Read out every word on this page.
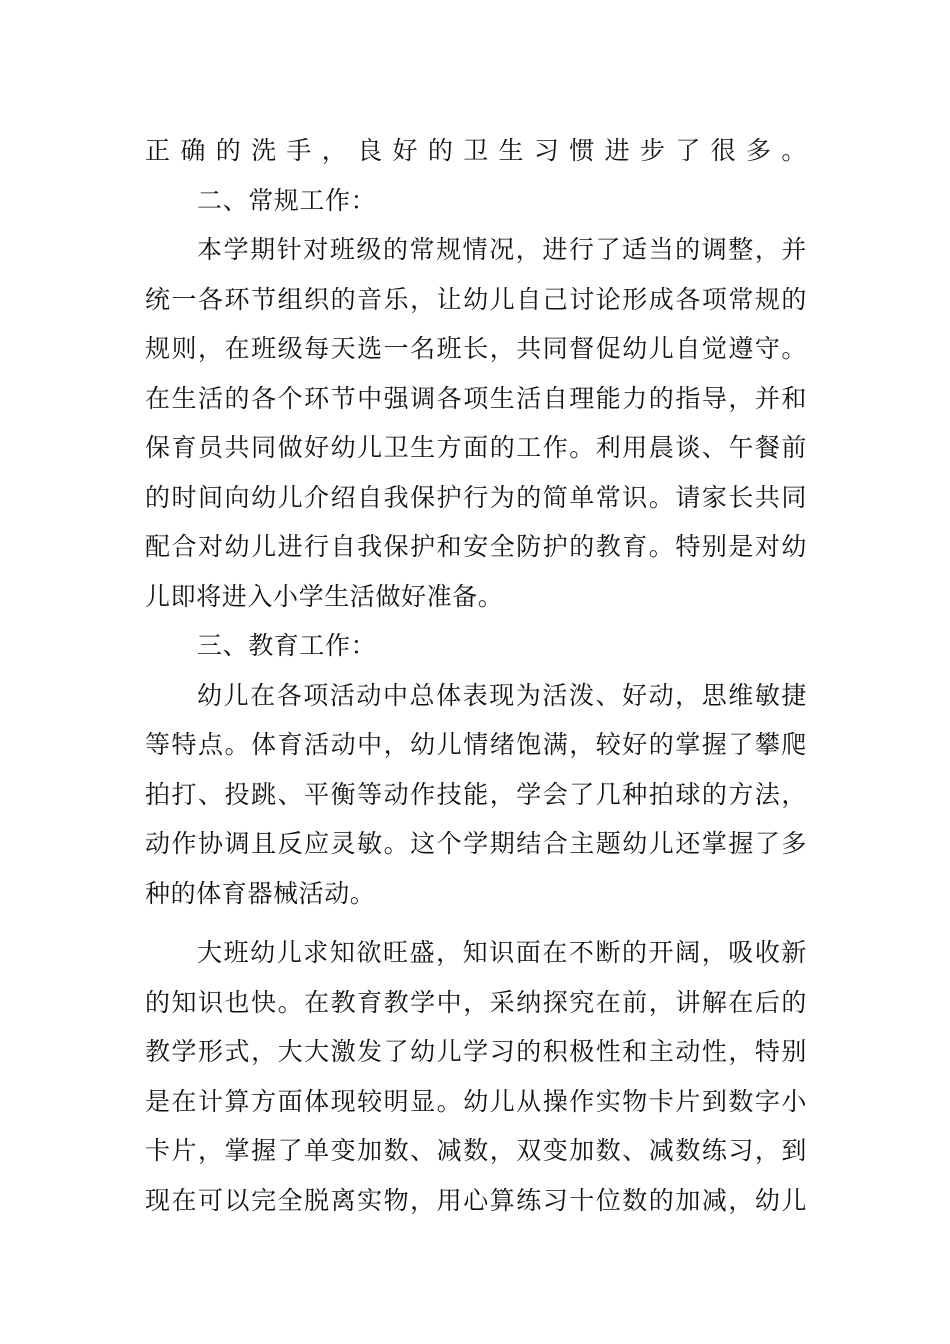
正确的洗手，良好的卫生习惯进步了很多。
二、常规工作：
本学期针对班级的常规情况，进行了适当的调整，并
统一各环节组织的音乐，让幼儿自己讨论形成各项常规的
规则，在班级每天选一名班长，共同督促幼儿自觉遵守。
在生活的各个环节中强调各项生活自理能力的指导，并和
保育员共同做好幼儿卫生方面的工作。利用晨谈、午餐前
的时间向幼儿介绍自我保护行为的简单常识。请家长共同
配合对幼儿进行自我保护和安全防护的教育。特别是对幼
儿即将进入小学生活做好准备。
三、教育工作：
幼儿在各项活动中总体表现为活泼、好动，思维敏捷
等特点。体育活动中，幼儿情绪饱满，较好的掌握了攀爬
拍打、投跳、平衡等动作技能，学会了几种拍球的方法，
动作协调且反应灵敏。这个学期结合主题幼儿还掌握了多
种的体育器械活动。
大班幼儿求知欲旺盛，知识面在不断的开阔，吸收新
的知识也快。在教育教学中，采纳探究在前，讲解在后的
教学形式，大大激发了幼儿学习的积极性和主动性，特别
是在计算方面体现较明显。幼儿从操作实物卡片到数字小
卡片，掌握了单变加数、减数，双变加数、减数练习，到
现在可以完全脱离实物，用心算练习十位数的加减，幼儿
